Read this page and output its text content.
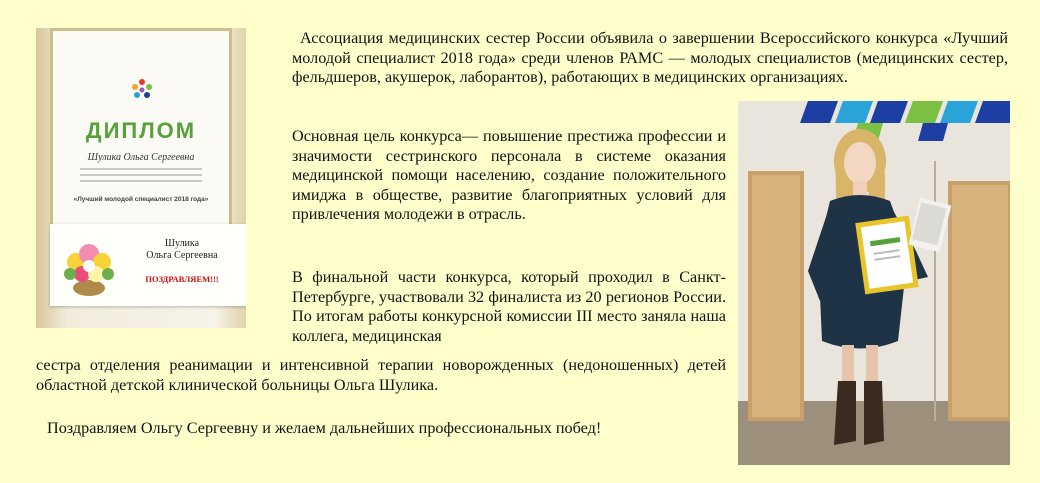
Ассоциация медицинских сестер России объявила о завершении Всероссийского конкурса «Лучший молодой специалист 2018 года» среди членов РАМС — молодых специалистов (медицинских сестер, фельдшеров, акушерок, лаборантов), работающих в медицинских организациях.

Основная цель конкурса— повышение престижа профессии и значимости сестринского персонала в системе оказания медицинской помощи населению, создание положительного имиджа в обществе, развитие благоприятных условий для привлечения молодежи в отрасль.

В финальной части конкурса, который проходил в Санкт-Петербурге, участвовали 32 финалиста из 20 регионов России. По итогам работы конкурсной комиссии III место заняла наша коллега, медицинская

сестра отделения реанимации и интенсивной терапии новорожденных (недоношенных) детей областной детской клинической больницы Ольга Шулика.

Поздравляем Ольгу Сергеевну и желаем дальнейших профессиональных побед!

ДИПЛОМ
Шулика Ольга Сергеевна
«Лучший молодой специалист 2018 года»
Шулика
Ольга Сергеевна
ПОЗДРАВЛЯЕМ!!!
